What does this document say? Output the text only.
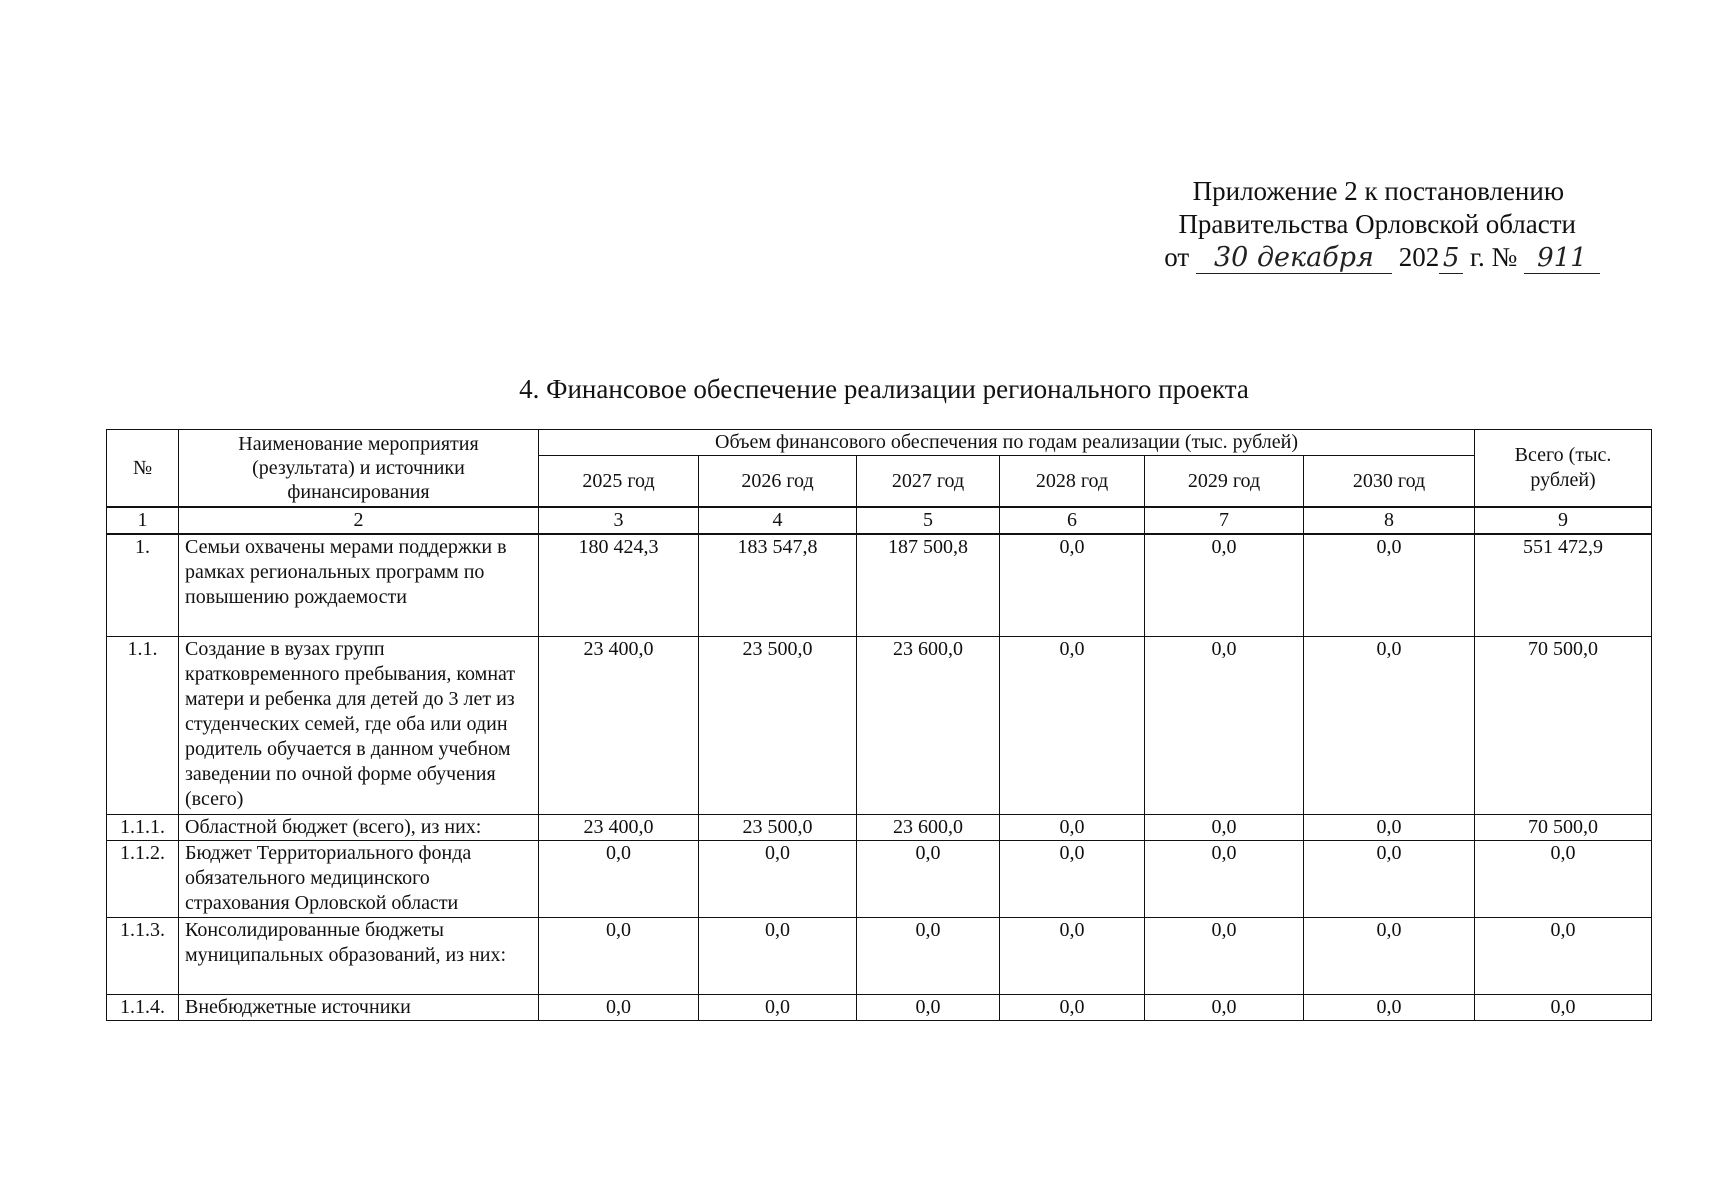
Приложение 2 к постановлению
Правительства Орловской области
от 30 декабря 202 5 г. № 911
4. Финансовое обеспечение реализации регионального проекта
№	Наименование мероприятия (результата) и источники финансирования	Объем финансового обеспечения по годам реализации (тыс. рублей)						Всего (тыс. рублей)
		2025 год	2026 год	2027 год	2028 год	2029 год	2030 год	
1	2	3	4	5	6	7	8	9
1.	Семьи охвачены мерами поддержки в рамках региональных программ по повышению рождаемости	180 424,3	183 547,8	187 500,8	0,0	0,0	0,0	551 472,9
1.1.	Создание в вузах групп кратковременного пребывания, комнат матери и ребенка для детей до 3 лет из студенческих семей, где оба или один родитель обучается в данном учебном заведении по очной форме обучения (всего)	23 400,0	23 500,0	23 600,0	0,0	0,0	0,0	70 500,0
1.1.1.	Областной бюджет (всего), из них:	23 400,0	23 500,0	23 600,0	0,0	0,0	0,0	70 500,0
1.1.2.	Бюджет Территориального фонда обязательного медицинского страхования Орловской области	0,0	0,0	0,0	0,0	0,0	0,0	0,0
1.1.3.	Консолидированные бюджеты муниципальных образований, из них:	0,0	0,0	0,0	0,0	0,0	0,0	0,0
1.1.4.	Внебюджетные источники	0,0	0,0	0,0	0,0	0,0	0,0	0,0
